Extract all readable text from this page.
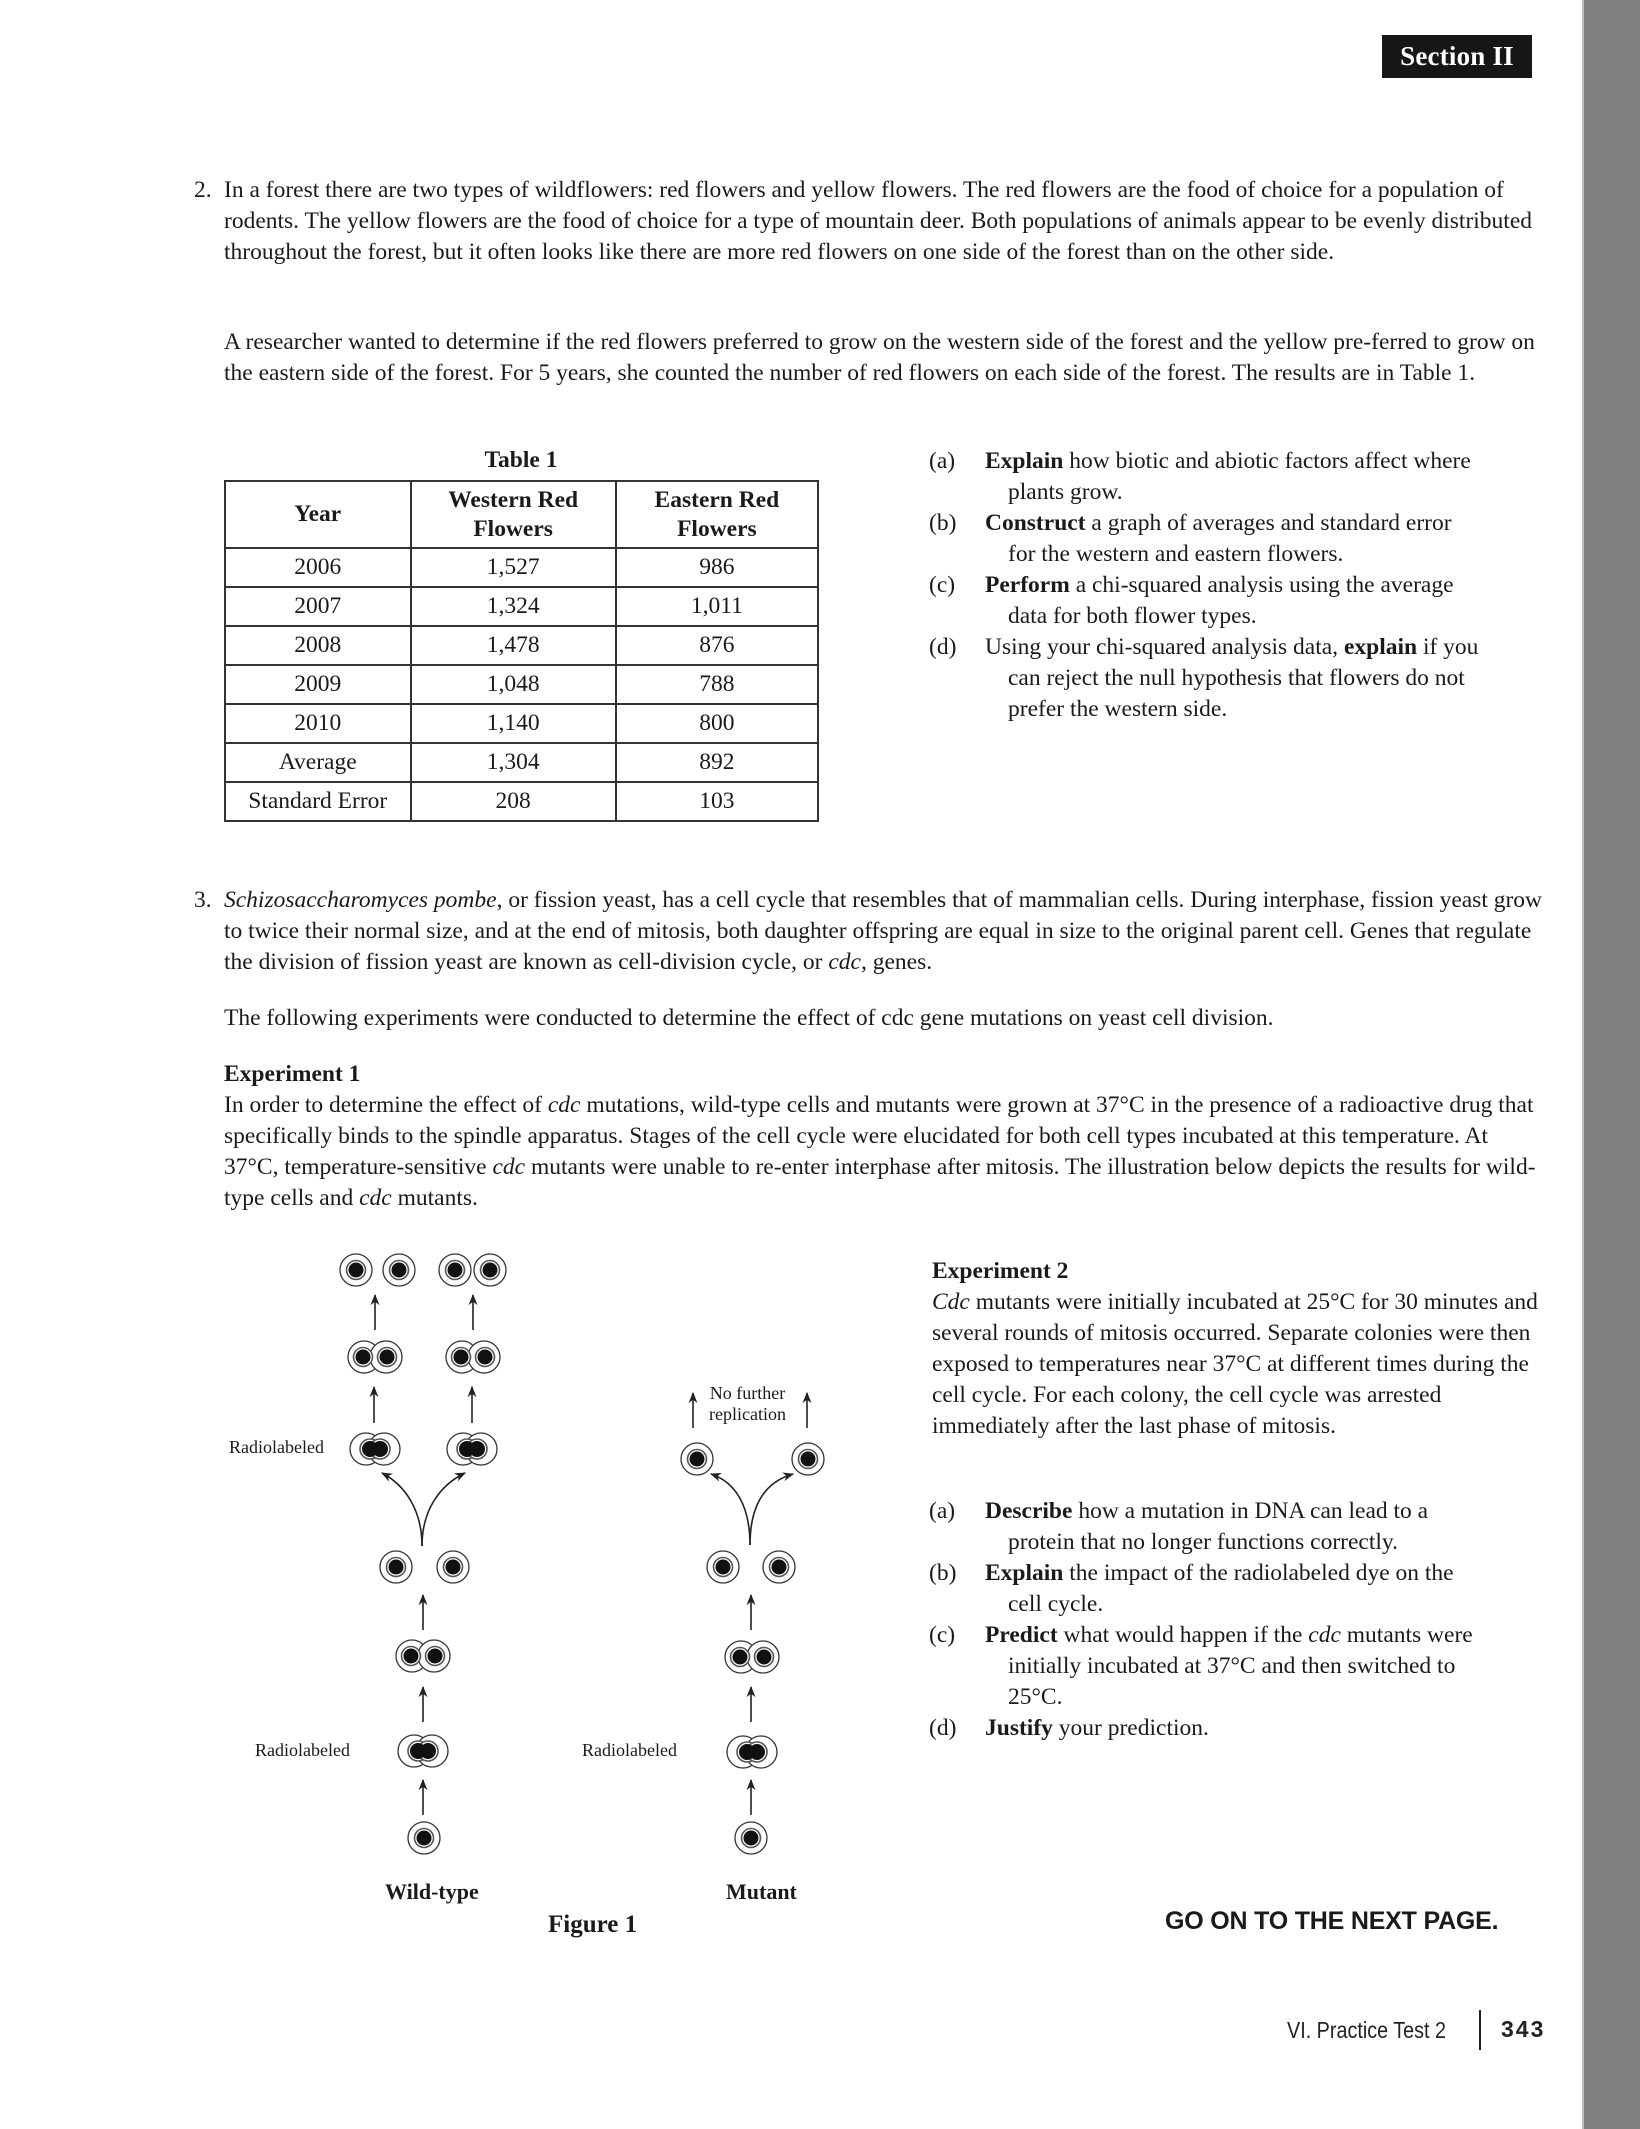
Section II
2. In a forest there are two types of wildflowers: red flowers and yellow flowers. The red flowers are the food of choice for a population of rodents. The yellow flowers are the food of choice for a type of mountain deer. Both populations of animals appear to be evenly distributed throughout the forest, but it often looks like there are more red flowers on one side of the forest than on the other side.

A researcher wanted to determine if the red flowers preferred to grow on the western side of the forest and the yellow pre-ferred to grow on the eastern side of the forest. For 5 years, she counted the number of red flowers on each side of the forest. The results are in Table 1.

Table 1
Year	Western Red Flowers	Eastern Red Flowers

2006	1,527	986
2007	1,324	1,011
2008	1,478	876
2009	1,048	788
2010	1,140	800
Average	1,304	892
Standard Error	208	103
(a) Explain how biotic and abiotic factors affect where
plants grow.
(b) Construct a graph of averages and standard error
for the western and eastern flowers.
(c) Perform a chi-squared analysis using the average
data for both flower types.
(d) Using your chi-squared analysis data, explain if you
can reject the null hypothesis that flowers do not
prefer the western side.
3. Schizosaccharomyces pombe, or fission yeast, has a cell cycle that resembles that of mammalian cells. During interphase, fission yeast grow to twice their normal size, and at the end of mitosis, both daughter offspring are equal in size to the original parent cell. Genes that regulate the division of fission yeast are known as cell-division cycle, or cdc, genes.

The following experiments were conducted to determine the effect of cdc gene mutations on yeast cell division.
Experiment 1

In order to determine the effect of cdc mutations, wild-type cells and mutants were grown at 37°C in the presence of a radioactive drug that specifically binds to the spindle apparatus. Stages of the cell cycle were elucidated for both cell types incubated at this temperature. At 37°C, temperature-sensitive cdc mutants were unable to re-enter interphase after mitosis. The illustration below depicts the results for wild-type cells and cdc mutants.

Radiolabeled
Radiolabeled	Radiolabeled
No further
replication
Wild-type	Mutant
Figure 1
Experiment 2

Cdc mutants were initially incubated at 25°C for 30 minutes and several rounds of mitosis occurred. Separate colonies were then exposed to temperatures near 37°C at different times during the cell cycle. For each colony, the cell cycle was arrested immediately after the last phase of mitosis.

(a) Describe how a mutation in DNA can lead to a
protein that no longer functions correctly.
(b) Explain the impact of the radiolabeled dye on the
cell cycle.
(c) Predict what would happen if the cdc mutants were
initially incubated at 37°C and then switched to
25°C.
(d) Justify your prediction.
GO ON TO THE NEXT PAGE.
VI. Practice Test 2 343
